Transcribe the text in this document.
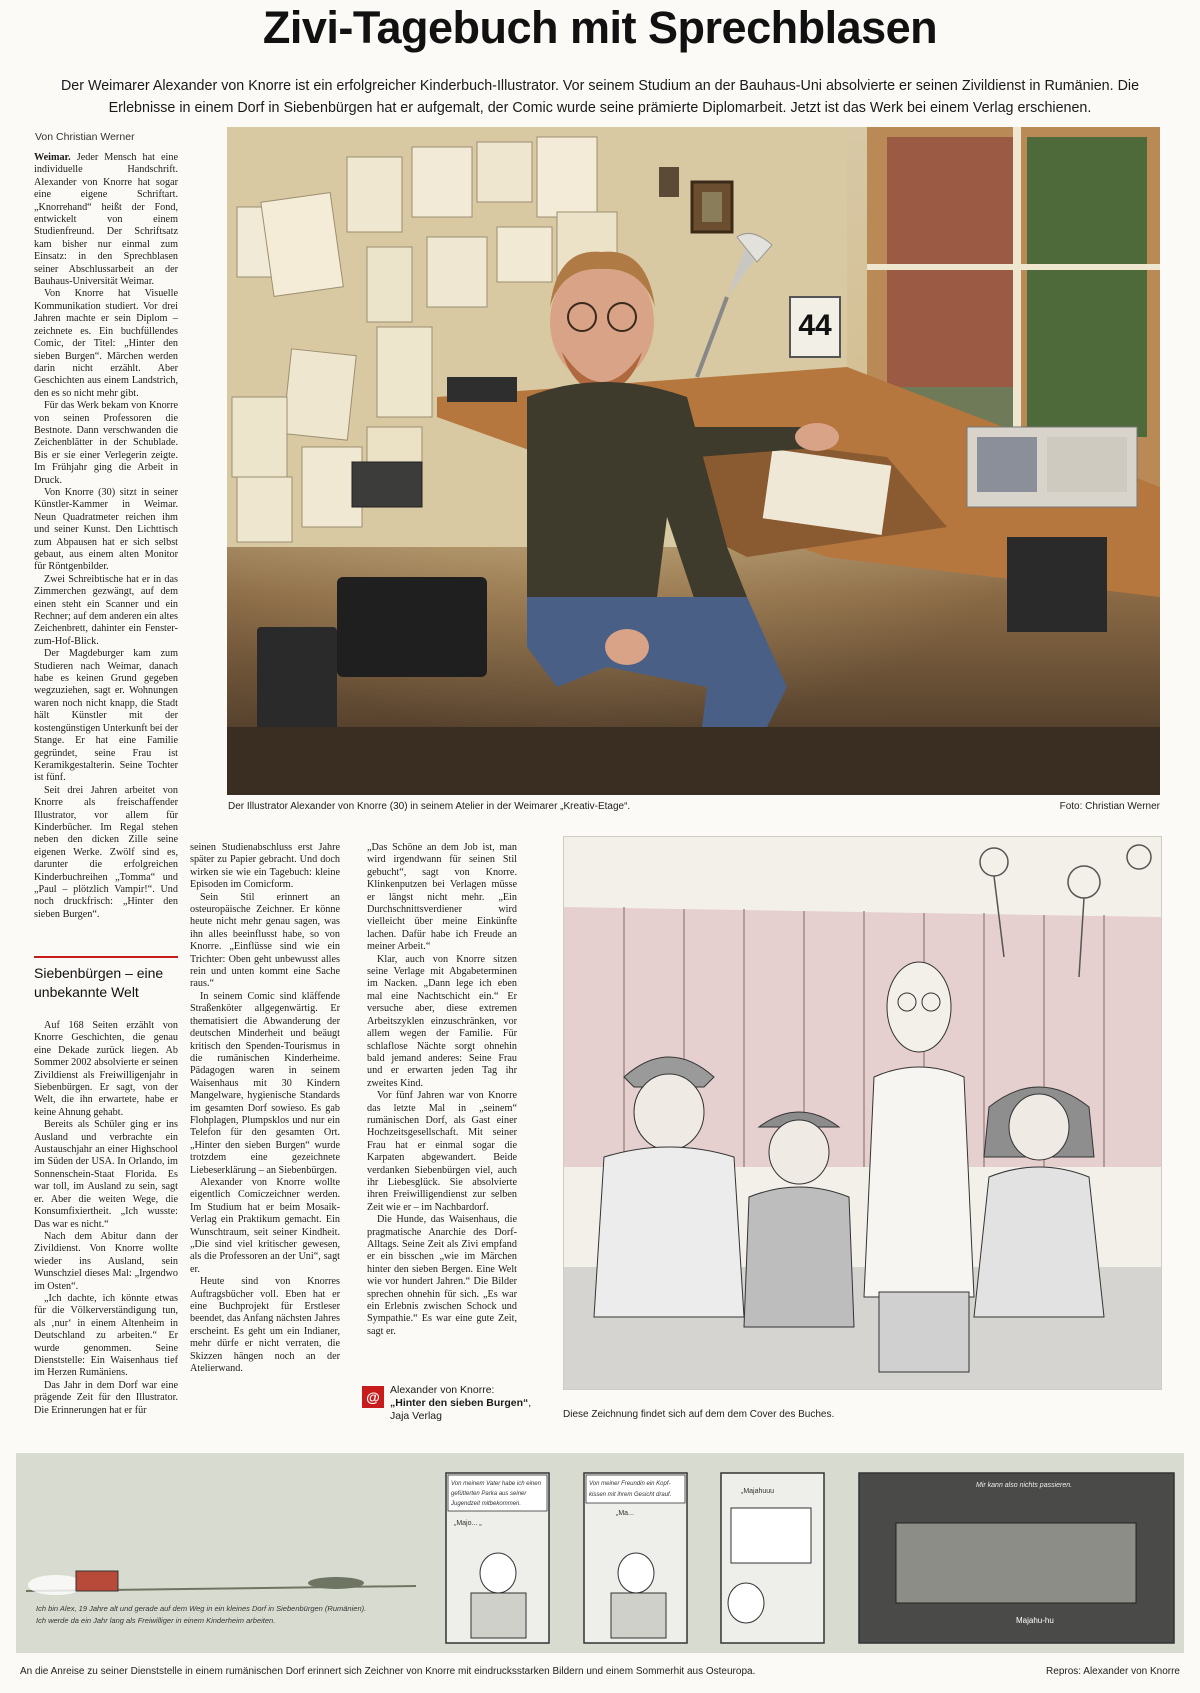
Zivi-Tagebuch mit Sprechblasen
Der Weimarer Alexander von Knorre ist ein erfolgreicher Kinderbuch-Illustrator. Vor seinem Studium an der Bauhaus-Uni absolvierte er seinen Zivildienst in Rumänien. Die Erlebnisse in einem Dorf in Siebenbürgen hat er aufgemalt, der Comic wurde seine prämierte Diplomarbeit. Jetzt ist das Werk bei einem Verlag erschienen.
Von Christian Werner

Weimar. Jeder Mensch hat eine individuelle Handschrift. Alexander von Knorre hat sogar eine eigene Schriftart. „Knorrehand“ heißt der Fond, entwickelt von einem Studienfreund. Der Schriftsatz kam bisher nur einmal zum Einsatz: in den Sprechblasen seiner Abschlussarbeit an der Bauhaus-Universität Weimar.

Von Knorre hat Visuelle Kommunikation studiert. Vor drei Jahren machte er sein Diplom – zeichnete es. Ein buchfüllendes Comic, der Titel: „Hinter den sieben Burgen“. Märchen werden darin nicht erzählt. Aber Geschichten aus einem Landstrich, den es so nicht mehr gibt.

Für das Werk bekam von Knorre von seinen Professoren die Bestnote. Dann verschwanden die Zeichenblätter in der Schublade. Bis er sie einer Verlegerin zeigte. Im Frühjahr ging die Arbeit in Druck.

Von Knorre (30) sitzt in seiner Künstler-Kammer in Weimar. Neun Quadratmeter reichen ihm und seiner Kunst. Den Lichttisch zum Abpausen hat er sich selbst gebaut, aus einem alten Monitor für Röntgenbilder.

Zwei Schreibtische hat er in das Zimmerchen gezwängt, auf dem einen steht ein Scanner und ein Rechner; auf dem anderen ein altes Zeichenbrett, dahinter ein Fenster-zum-Hof-Blick.

Der Magdeburger kam zum Studieren nach Weimar, danach habe es keinen Grund gegeben wegzuziehen, sagt er. Wohnungen waren noch nicht knapp, die Stadt hält Künstler mit der kostengünstigen Unterkunft bei der Stange. Er hat eine Familie gegründet, seine Frau ist Keramikgestalterin. Seine Tochter ist fünf.

Seit drei Jahren arbeitet von Knorre als freischaffender Illustrator, vor allem für Kinderbücher. Im Regal stehen neben den dicken Zille seine eigenen Werke. Zwölf sind es, darunter die erfolgreichen Kinderbuchreihen „Tomma“ und „Paul – plötzlich Vampir!“. Und noch druckfrisch: „Hinter den sieben Burgen“.

Siebenbürgen – eine unbekannte Welt

Auf 168 Seiten erzählt von Knorre Geschichten, die genau eine Dekade zurück liegen. Ab Sommer 2002 absolvierte er seinen Zivildienst als Freiwilligenjahr in Siebenbürgen. Er sagt, von der Welt, die ihn erwartete, habe er keine Ahnung gehabt.

Bereits als Schüler ging er ins Ausland und verbrachte ein Austauschjahr an einer Highschool im Süden der USA. In Orlando, im Sonnenschein-Staat Florida. Es war toll, im Ausland zu sein, sagt er. Aber die weiten Wege, die Konsumfixiertheit. „Ich wusste: Das war es nicht.“

Nach dem Abitur dann der Zivildienst. Von Knorre wollte wieder ins Ausland, sein Wunschziel dieses Mal: „Irgendwo im Osten“.

„Ich dachte, ich könnte etwas für die Völkerverständigung tun, als ‚nur‘ in einem Altenheim in Deutschland zu arbeiten.“ Er wurde genommen. Seine Dienststelle: Ein Waisenhaus tief im Herzen Rumäniens.

Das Jahr in dem Dorf war eine prägende Zeit für den Illustrator. Die Erinnerungen hat er für

seinen Studienabschluss erst Jahre später zu Papier gebracht. Und doch wirken sie wie ein Tagebuch: kleine Episoden im Comicform.

Sein Stil erinnert an osteuropäische Zeichner. Er könne heute nicht mehr genau sagen, was ihn alles beeinflusst habe, so von Knorre. „Einflüsse sind wie ein Trichter: Oben geht unbewusst alles rein und unten kommt eine Sache raus.“

In seinem Comic sind kläffende Straßenköter allgegenwärtig. Er thematisiert die Abwanderung der deutschen Minderheit und beäugt kritisch den Spenden-Tourismus in die rumänischen Kinderheime. Pädagogen waren in seinem Waisenhaus mit 30 Kindern Mangelware, hygienische Standards im gesamten Dorf sowieso. Es gab Flohplagen, Plumpsklos und nur ein Telefon für den gesamten Ort. „Hinter den sieben Burgen“ wurde trotzdem eine gezeichnete Liebeserklärung – an Siebenbürgen.

Alexander von Knorre wollte eigentlich Comiczeichner werden. Im Studium hat er beim Mosaik-Verlag ein Praktikum gemacht. Ein Wunschtraum, seit seiner Kindheit. „Die sind viel kritischer gewesen, als die Professoren an der Uni“, sagt er.

Heute sind von Knorres Auftragsbücher voll. Eben hat er eine Buchprojekt für Erstleser beendet, das Anfang nächsten Jahres erscheint. Es geht um ein Indianer, mehr dürfe er nicht verraten, die Skizzen hängen noch an der Atelierwand.

„Das Schöne an dem Job ist, man wird irgendwann für seinen Stil gebucht“, sagt von Knorre. Klinkenputzen bei Verlagen müsse er längst nicht mehr. „Ein Durchschnittsverdiener wird vielleicht über meine Einkünfte lachen. Dafür habe ich Freude an meiner Arbeit.“

Klar, auch von Knorre sitzen seine Verlage mit Abgabeterminen im Nacken. „Dann lege ich eben mal eine Nachtschicht ein.“ Er versuche aber, diese extremen Arbeitszyklen einzuschränken, vor allem wegen der Familie. Für schlaflose Nächte sorgt ohnehin bald jemand anderes: Seine Frau und er erwarten jeden Tag ihr zweites Kind.

Vor fünf Jahren war von Knorre das letzte Mal in „seinem“ rumänischen Dorf, als Gast einer Hochzeitsgesellschaft. Mit seiner Frau hat er einmal sogar die Karpaten abgewandert. Beide verdanken Siebenbürgen viel, auch ihr Liebesglück. Sie absolvierte ihren Freiwilligendienst zur selben Zeit wie er – im Nachbardorf.

Die Hunde, das Waisenhaus, die pragmatische Anarchie des Dorf-Alltags. Seine Zeit als Zivi empfand er ein bisschen „wie im Märchen hinter den sieben Bergen. Eine Welt wie vor hundert Jahren.“ Die Bilder sprechen ohnehin für sich. „Es war ein Erlebnis zwischen Schock und Sympathie.“ Es war eine gute Zeit, sagt er.

@ Alexander von Knorre:
„Hinter den sieben Burgen“, Jaja Verlag
44
Der Illustrator Alexander von Knorre (30) in seinem Atelier in der Weimarer „Kreativ-Etage“.	Foto: Christian Werner
Diese Zeichnung findet sich auf dem dem Cover des Buches.
Ich bin Alex, 19 Jahre alt und gerade auf dem Weg in ein kleines Dorf in Siebenbürgen (Rumänien).
Ich werde da ein Jahr lang als Freiwilliger in einem Kinderheim arbeiten.
Von meinem Vater habe ich einen
gefütterten Parka aus seiner
Jugendzeit mitbekommen.
„Majo... „
Von meiner Freundin ein Kopf-
kissen mit ihrem Gesicht drauf.
„Ma...
„Majahuuu
Mir kann also nichts passieren.
Majahu-hu
An die Anreise zu seiner Dienststelle in einem rumänischen Dorf erinnert sich Zeichner von Knorre mit eindrucksstarken Bildern und einem Sommerhit aus Osteuropa.	Repros: Alexander von Knorre
